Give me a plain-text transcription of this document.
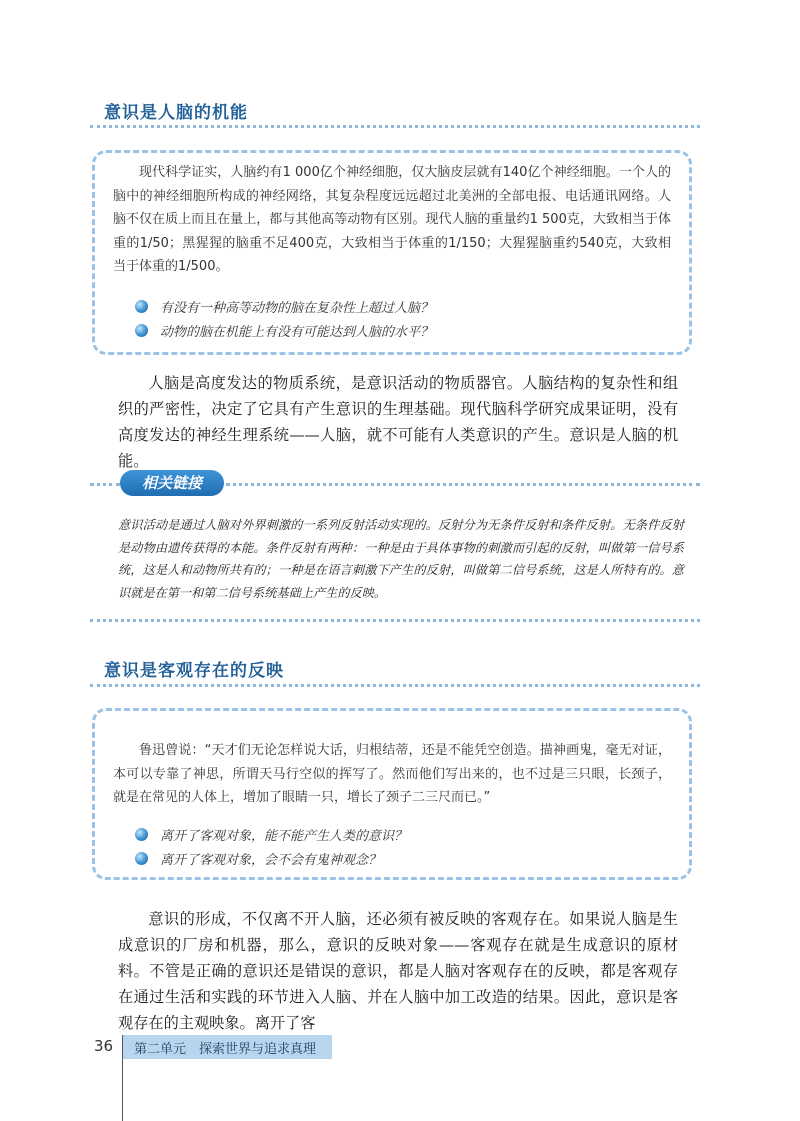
意识是人脑的机能
现代科学证实，人脑约有1 000亿个神经细胞，仅大脑皮层就有140亿个神经细胞。一个人的脑中的神经细胞所构成的神经网络，其复杂程度远远超过北美洲的全部电报、电话通讯网络。人脑不仅在质上而且在量上，都与其他高等动物有区别。现代人脑的重量约1 500克，大致相当于体重的1/50；黑猩猩的脑重不足400克，大致相当于体重的1/150；大猩猩脑重约540克，大致相当于体重的1/500。
有没有一种高等动物的脑在复杂性上超过人脑？
动物的脑在机能上有没有可能达到人脑的水平？
人脑是高度发达的物质系统，是意识活动的物质器官。人脑结构的复杂性和组织的严密性，决定了它具有产生意识的生理基础。现代脑科学研究成果证明，没有高度发达的神经生理系统——人脑，就不可能有人类意识的产生。意识是人脑的机能。
相关链接
意识活动是通过人脑对外界刺激的一系列反射活动实现的。反射分为无条件反射和条件反射。无条件反射是动物由遗传获得的本能。条件反射有两种：一种是由于具体事物的刺激而引起的反射，叫做第一信号系统，这是人和动物所共有的；一种是在语言刺激下产生的反射，叫做第二信号系统，这是人所特有的。意识就是在第一和第二信号系统基础上产生的反映。
意识是客观存在的反映
鲁迅曾说：“天才们无论怎样说大话，归根结蒂，还是不能凭空创造。描神画鬼，毫无对证，本可以专靠了神思，所谓天马行空似的挥写了。然而他们写出来的，也不过是三只眼，长颈子，就是在常见的人体上，增加了眼睛一只，增长了颈子二三尺而已。”
离开了客观对象，能不能产生人类的意识？
离开了客观对象，会不会有鬼神观念？
意识的形成，不仅离不开人脑，还必须有被反映的客观存在。如果说人脑是生成意识的厂房和机器，那么，意识的反映对象——客观存在就是生成意识的原材料。不管是正确的意识还是错误的意识，都是人脑对客观存在的反映，都是客观存在通过生活和实践的环节进入人脑、并在人脑中加工改造的结果。因此，意识是客观存在的主观映象。离开了客
36 第二单元　探索世界与追求真理
